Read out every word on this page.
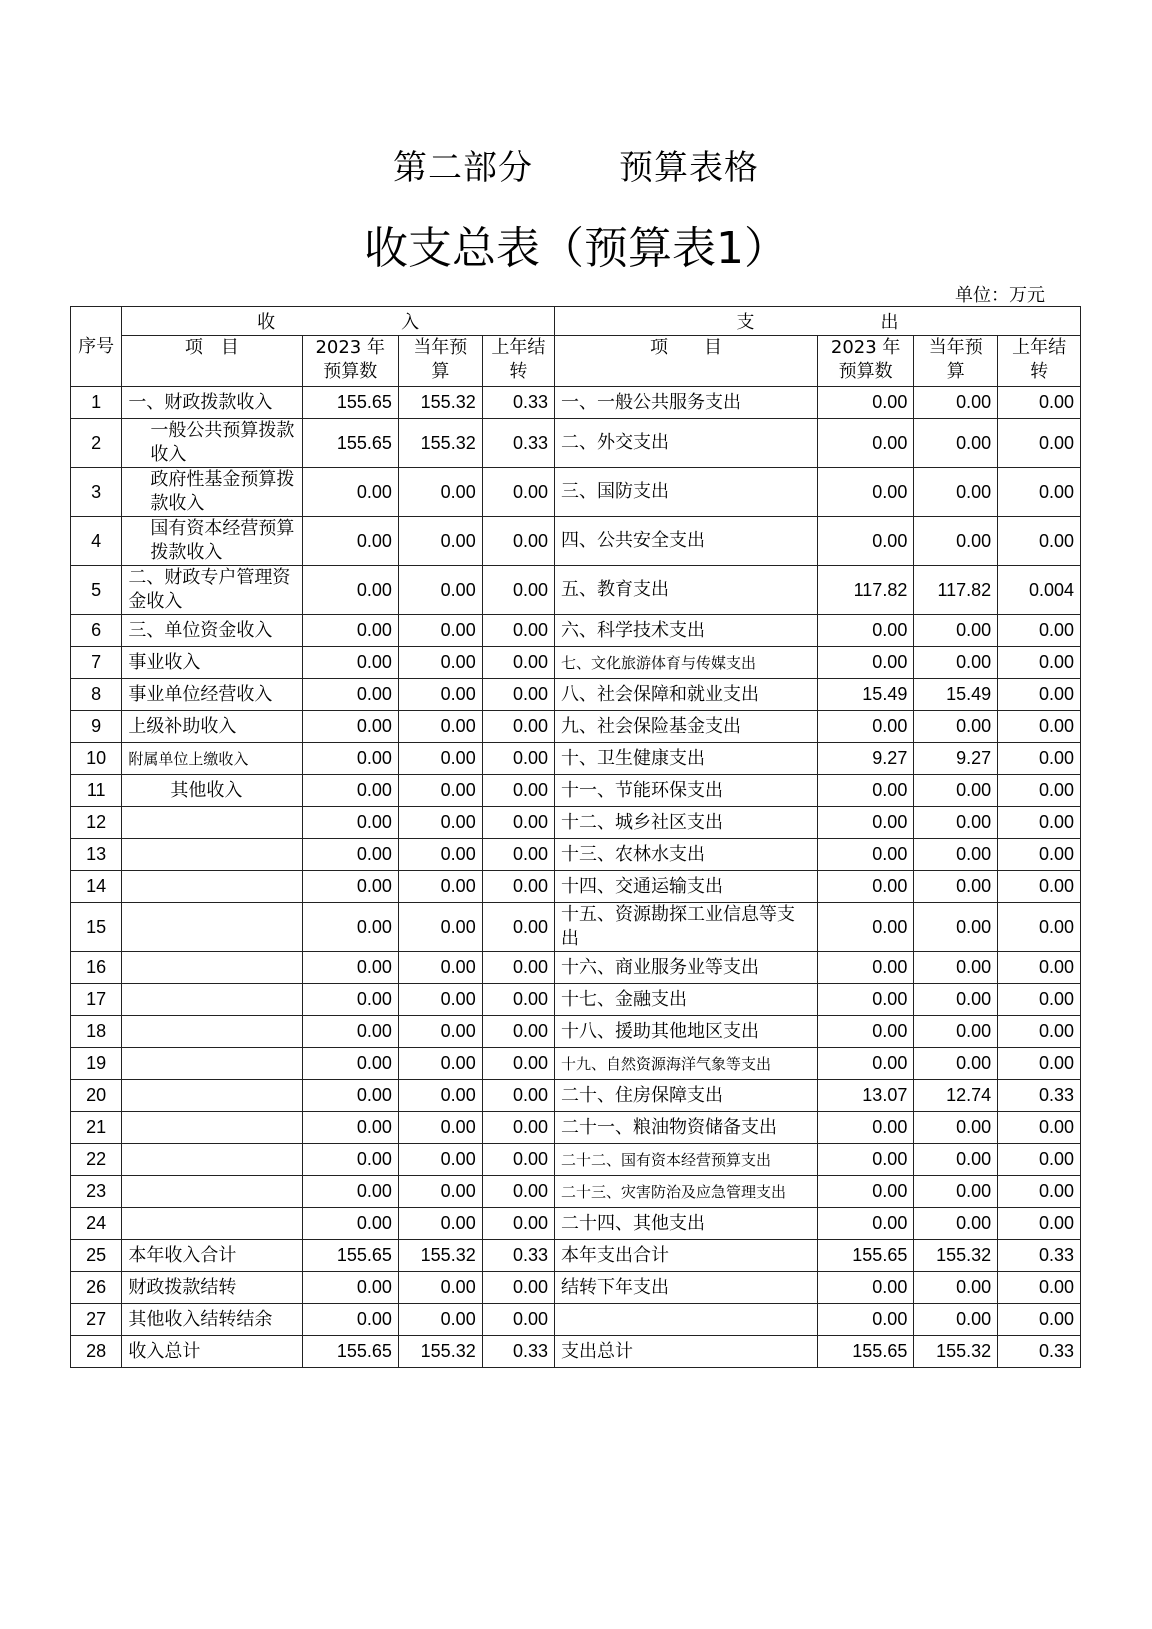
第二部分	预算表格
收支总表（预算表1）
单位：万元
序号	收　　　　　　　入				支　　　　　　　出			
	项　目	2023 年预算数	当年预算	上年结转	项　　目	2023 年预算数	当年预算	上年结转
1	一、财政拨款收入	155.65	155.32	0.33	一、一般公共服务支出	0.00	0.00	0.00
2	一般公共预算拨款收入	155.65	155.32	0.33	二、外交支出	0.00	0.00	0.00
3	政府性基金预算拨款收入	0.00	0.00	0.00	三、国防支出	0.00	0.00	0.00
4	国有资本经营预算拨款收入	0.00	0.00	0.00	四、公共安全支出	0.00	0.00	0.00
5	二、财政专户管理资金收入	0.00	0.00	0.00	五、教育支出	117.82	117.82	0.004
6	三、单位资金收入	0.00	0.00	0.00	六、科学技术支出	0.00	0.00	0.00
7	事业收入	0.00	0.00	0.00	七、文化旅游体育与传媒支出	0.00	0.00	0.00
8	事业单位经营收入	0.00	0.00	0.00	八、社会保障和就业支出	15.49	15.49	0.00
9	上级补助收入	0.00	0.00	0.00	九、社会保险基金支出	0.00	0.00	0.00
10	附属单位上缴收入	0.00	0.00	0.00	十、卫生健康支出	9.27	9.27	0.00
11	其他收入	0.00	0.00	0.00	十一、节能环保支出	0.00	0.00	0.00
12		0.00	0.00	0.00	十二、城乡社区支出	0.00	0.00	0.00
13		0.00	0.00	0.00	十三、农林水支出	0.00	0.00	0.00
14		0.00	0.00	0.00	十四、交通运输支出	0.00	0.00	0.00
15		0.00	0.00	0.00	十五、资源勘探工业信息等支出	0.00	0.00	0.00
16		0.00	0.00	0.00	十六、商业服务业等支出	0.00	0.00	0.00
17		0.00	0.00	0.00	十七、金融支出	0.00	0.00	0.00
18		0.00	0.00	0.00	十八、援助其他地区支出	0.00	0.00	0.00
19		0.00	0.00	0.00	十九、自然资源海洋气象等支出	0.00	0.00	0.00
20		0.00	0.00	0.00	二十、住房保障支出	13.07	12.74	0.33
21		0.00	0.00	0.00	二十一、粮油物资储备支出	0.00	0.00	0.00
22		0.00	0.00	0.00	二十二、国有资本经营预算支出	0.00	0.00	0.00
23		0.00	0.00	0.00	二十三、灾害防治及应急管理支出	0.00	0.00	0.00
24		0.00	0.00	0.00	二十四、其他支出	0.00	0.00	0.00
25	本年收入合计	155.65	155.32	0.33	本年支出合计	155.65	155.32	0.33
26	财政拨款结转	0.00	0.00	0.00	结转下年支出	0.00	0.00	0.00
27	其他收入结转结余	0.00	0.00	0.00		0.00	0.00	0.00
28	收入总计	155.65	155.32	0.33	支出总计	155.65	155.32	0.33
